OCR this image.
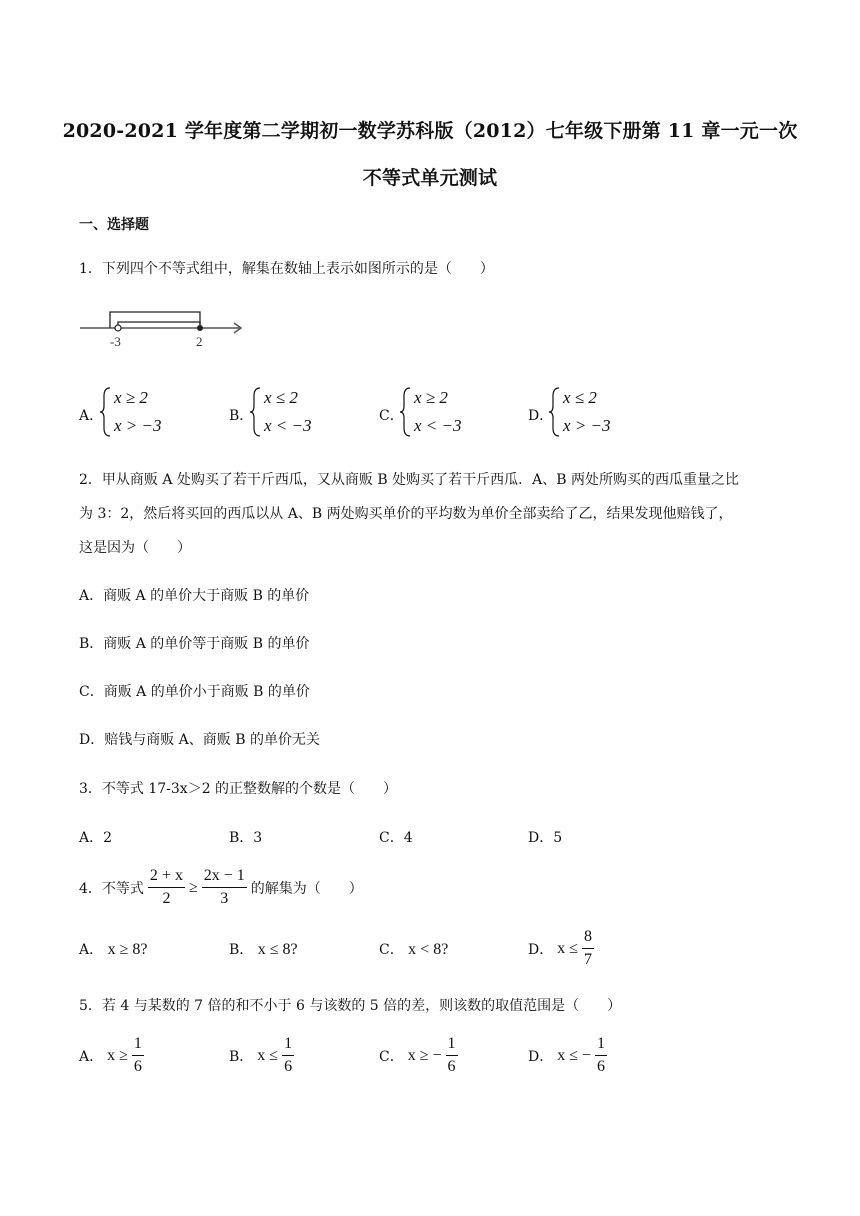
2020-2021 学年度第二学期初一数学苏科版（2012）七年级下册第 11 章一元一次
不等式单元测试
一、选择题
1．下列四个不等式组中，解集在数轴上表示如图所示的是（　　）
-3	2
A．
x ≥ 2
x > −3	B．
x ≤ 2
x < −3	C．
x ≥ 2
x < −3	D．
x ≤ 2
x > −3
2．甲从商贩 A 处购买了若干斤西瓜，又从商贩 B 处购买了若干斤西瓜．A、B 两处所购买的西瓜重量之比
为 3：2，然后将买回的西瓜以从 A、B 两处购买单价的平均数为单价全部卖给了乙，结果发现他赔钱了，
这是因为（　　）
A．商贩 A 的单价大于商贩 B 的单价
B．商贩 A 的单价等于商贩 B 的单价
C．商贩 A 的单价小于商贩 B 的单价
D．赔钱与商贩 A、商贩 B 的单价无关
3．不等式 17-3x＞2 的正整数解的个数是（　　）
A．2	B．3	C．4	D．5
4．不等式 $\frac{2 + x}{2} \ge \frac{2x - 1}{3}$ 的解集为（　　）
A． x ≥ 8?	B． x ≤ 8?	C． x < 8?	D． $x \le \frac{8}{7}$
5．若 4 与某数的 7 倍的和不小于 6 与该数的 5 倍的差，则该数的取值范围是（　　）
A． $x \ge \frac{1}{6}$	B． $x \le \frac{1}{6}$	C． x ≥ − $\frac{1}{6}$	D． x ≤ − $\frac{1}{6}$
